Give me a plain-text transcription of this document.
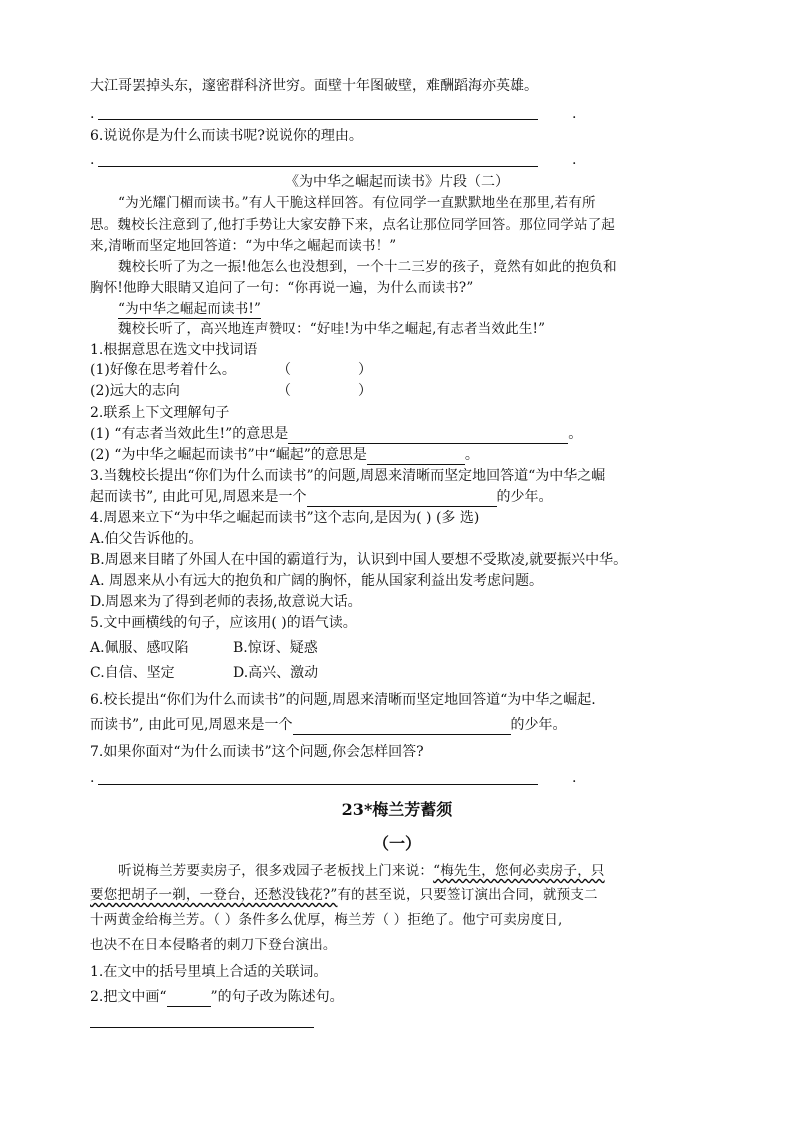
大江哥罢掉头东，邃密群科济世穷。面壁十年图破壁，难酬蹈海亦英雄。
.	.
6.说说你是为什么而读书呢?说说你的理由。
.	.
《为中华之崛起而读书》片段（二）
“为光耀门楣而读书。”有人干脆这样回答。有位同学一直默默地坐在那里,若有所
思。魏校长注意到了,他打手势让大家安静下来，点名让那位同学回答。那位同学站了起
来,清晰而坚定地回答道：“为中华之崛起而读书！”
魏校长听了为之一振!他怎么也没想到，一个十二三岁的孩子，竟然有如此的抱负和
胸怀!他睁大眼睛又追问了一句：“你再说一遍，为什么而读书?”
“为中华之崛起而读书!”
魏校长听了，高兴地连声赞叹：“好哇!为中华之崛起,有志者当效此生!”
1.根据意思在选文中找词语
(1)好像在思考着什么。	（	）
(2)远大的志向	（	）
2.联系上下文理解句子
(1) “有志者当效此生!”的意思是	。
(2) “为中华之崛起而读书”中“崛起”的意思是	。
3.当魏校长提出“你们为什么而读书”的问题,周恩来清晰而坚定地回答道“为中华之崛
起而读书”, 由此可见,周恩来是一个	的少年。
4.周恩来立下“为中华之崛起而读书”这个志向,是因为( ) (多 选)
A.伯父告诉他的。
B.周恩来目睹了外国人在中国的霸道行为，认识到中国人要想不受欺凌,就要振兴中华。
A. 周恩来从小有远大的抱负和广阔的胸怀，能从国家利益出发考虑问题。
D.周恩来为了得到老师的表扬,故意说大话。
5.文中画横线的句子，应该用( )的语气读。
A.佩服、感叹陷	B.惊讶、疑惑
C.自信、坚定	D.高兴、激动
6.校长提出“你们为什么而读书”的问题,周恩来清晰而坚定地回答道“为中华之崛起.
而读书”, 由此可见,周恩来是一个	的少年。
7.如果你面对“为什么而读书”这个问题,你会怎样回答?
.	.
23*梅兰芳蓄须
（一）
听说梅兰芳要卖房子，很多戏园子老板找上门来说：“梅先生，您何必卖房子，只
要您把胡子一剃，一登台，还愁没钱花?”有的甚至说，只要签订演出合同，就预支二
十两黄金给梅兰芳。（ ）条件多么优厚，梅兰芳（ ）拒绝了。他宁可卖房度日,
也决不在日本侵略者的刺刀下登台演出。
1.在文中的括号里填上合适的关联词。
2.把文中画“	”的句子改为陈述句。
